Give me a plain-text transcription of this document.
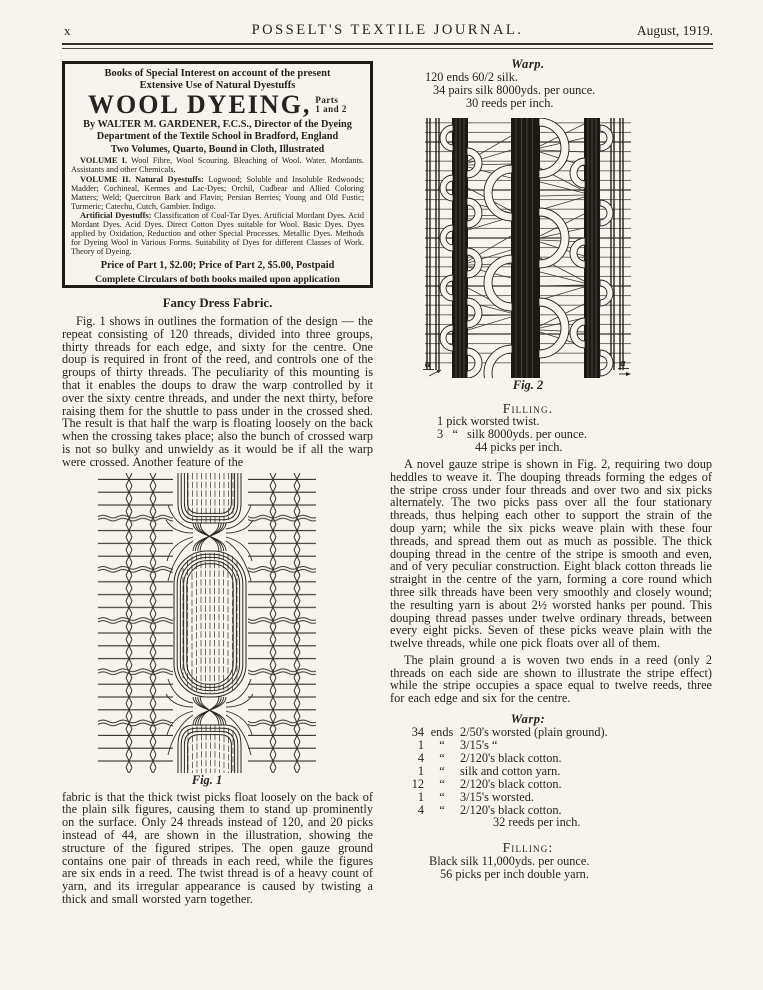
x	POSSELT'S TEXTILE JOURNAL.	August, 1919.
Books of Special Interest on account of the present
Extensive Use of Natural Dyestuffs
WOOL DYEING, Parts
1 and 2
By WALTER M. GARDENER, F.C.S., Director of the Dyeing Department of the Textile School in Bradford, England
Two Volumes, Quarto, Bound in Cloth, Illustrated

VOLUME I. Wool Fibre, Wool Scouring. Bleaching of Wool. Water. Mordants. Assistants and other Chemicals.

VOLUME II. Natural Dyestuffs: Logwood; Soluble and Insoluble Redwoods; Madder; Cochineal, Kermes and Lac-Dyes; Orchil, Cudbear and Allied Coloring Matters; Weld; Quercitron Bark and Flavin; Persian Berries; Young and Old Fustic; Turmeric; Catechu, Cutch, Gambier. Indigo.

Artificial Dyestuffs: Classification of Coal-Tar Dyes. Artificial Mordant Dyes. Acid Mordant Dyes. Acid Dyes. Direct Cotton Dyes suitable for Wool. Basic Dyes. Dyes applied by Oxidation, Reduction and other Special Processes. Metallic Dyes. Methods for Dyeing Wool in Various Forms. Suitability of Dyes for different Classes of Work. Theory of Dyeing.

Price of Part 1, $2.00; Price of Part 2, $5.00, Postpaid
Complete Circulars of both books mailed upon application
Fancy Dress Fabric.

Fig. 1 shows in outlines the formation of the design — the repeat consisting of 120 threads, divided into three groups, thirty threads for each edge, and sixty for the centre. One doup is required in front of the reed, and controls one of the groups of thirty threads. The peculiarity of this mounting is that it enables the doups to draw the warp controlled by it over the sixty centre threads, and under the next thirty, before raising them for the shuttle to pass under in the crossed shed. The result is that half the warp is floating loosely on the back when the crossing takes place; also the bunch of crossed warp is not so bulky and unwieldy as it would be if all the warp were crossed. Another feature of the

Fig. 1

fabric is that the thick twist picks float loosely on the back of the plain silk figures, causing them to stand up prominently on the surface. Only 24 threads instead of 120, and 20 picks instead of 44, are shown in the illustration, showing the structure of the figured stripes. The open gauze ground contains one pair of threads in each reed, while the figures are six ends in a reed. The twist thread is of a heavy count of yarn, and its irregular appearance is caused by twisting a thick and small worsted yarn together.

Warp.
120 ends 60/2 silk.
34 pairs silk 8000yds. per ounce.
30 reeds per inch.
a	a
Fig. 2
Filling.
1 pick worsted twist.
3   “   silk 8000yds. per ounce.
44 picks per inch.

A novel gauze stripe is shown in Fig. 2, requiring two doup heddles to weave it. The douping threads forming the edges of the stripe cross under four threads and over two and six picks alternately. The two picks pass over all the four stationary threads, thus helping each other to support the strain of the doup yarn; while the six picks weave plain with these four threads, and spread them out as much as possible. The thick douping thread in the centre of the stripe is smooth and even, and of very peculiar construction. Eight black cotton threads lie straight in the centre of the yarn, forming a core round which three silk threads have been very smoothly and closely wound; the resulting yarn is about 2½ worsted hanks per pound. This douping thread passes under twelve ordinary threads, between every eight picks. Seven of these picks weave plain with the twelve threads, while one pick floats over all of them.

The plain ground a is woven two ends in a reed (only 2 threads on each side are shown to illustrate the stripe effect) while the stripe occupies a space equal to twelve reeds, three for each edge and six for the centre.

Warp:
34 ends 2/50's worsted (plain ground).
1	“	3/15's “
4	“	2/120's black cotton.
1	“	silk and cotton yarn.
12	“	2/120's black cotton.
1	“	3/15's worsted.
4	“	2/120's black cotton.
32 reeds per inch.
Filling:
Black silk 11,000yds. per ounce.
56 picks per inch double yarn.
